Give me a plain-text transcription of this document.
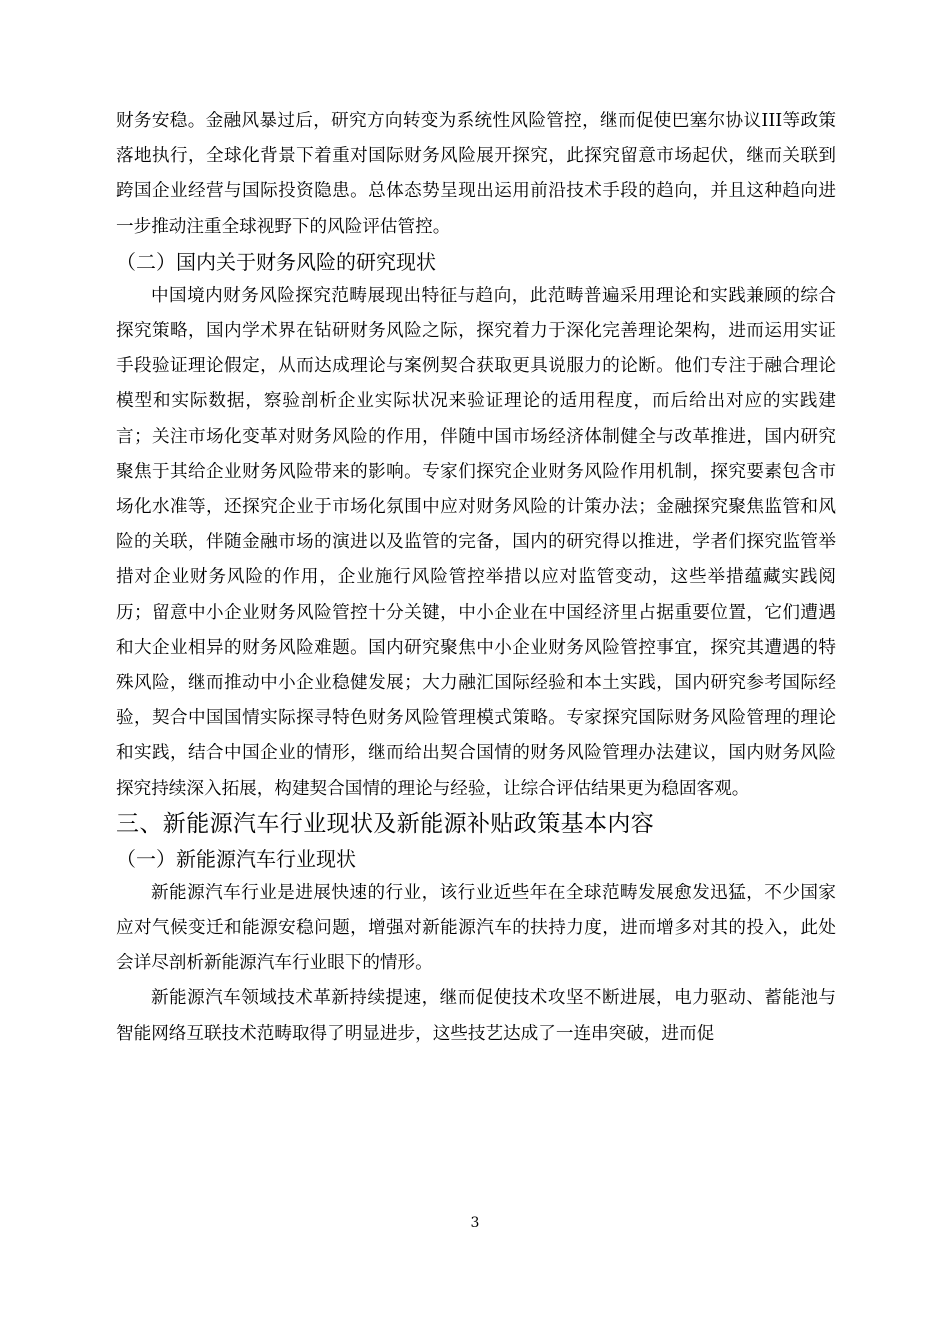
财务安稳。金融风暴过后，研究方向转变为系统性风险管控，继而促使巴塞尔协议III等政策落地执行，全球化背景下着重对国际财务风险展开探究，此探究留意市场起伏，继而关联到跨国企业经营与国际投资隐患。总体态势呈现出运用前沿技术手段的趋向，并且这种趋向进一步推动注重全球视野下的风险评估管控。

（二）国内关于财务风险的研究现状

中国境内财务风险探究范畴展现出特征与趋向，此范畴普遍采用理论和实践兼顾的综合探究策略，国内学术界在钻研财务风险之际，探究着力于深化完善理论架构，进而运用实证手段验证理论假定，从而达成理论与案例契合获取更具说服力的论断。他们专注于融合理论模型和实际数据，察验剖析企业实际状况来验证理论的适用程度，而后给出对应的实践建言；关注市场化变革对财务风险的作用，伴随中国市场经济体制健全与改革推进，国内研究聚焦于其给企业财务风险带来的影响。专家们探究企业财务风险作用机制，探究要素包含市场化水准等，还探究企业于市场化氛围中应对财务风险的计策办法；金融探究聚焦监管和风险的关联，伴随金融市场的演进以及监管的完备，国内的研究得以推进，学者们探究监管举措对企业财务风险的作用，企业施行风险管控举措以应对监管变动，这些举措蕴藏实践阅历；留意中小企业财务风险管控十分关键，中小企业在中国经济里占据重要位置，它们遭遇和大企业相异的财务风险难题。国内研究聚焦中小企业财务风险管控事宜，探究其遭遇的特殊风险，继而推动中小企业稳健发展；大力融汇国际经验和本土实践，国内研究参考国际经验，契合中国国情实际探寻特色财务风险管理模式策略。专家探究国际财务风险管理的理论和实践，结合中国企业的情形，继而给出契合国情的财务风险管理办法建议，国内财务风险探究持续深入拓展，构建契合国情的理论与经验，让综合评估结果更为稳固客观。

三、新能源汽车行业现状及新能源补贴政策基本内容
（一）新能源汽车行业现状

新能源汽车行业是进展快速的行业，该行业近些年在全球范畴发展愈发迅猛，不少国家应对气候变迁和能源安稳问题，增强对新能源汽车的扶持力度，进而增多对其的投入，此处会详尽剖析新能源汽车行业眼下的情形。

新能源汽车领域技术革新持续提速，继而促使技术攻坚不断进展，电力驱动、蓄能池与智能网络互联技术范畴取得了明显进步，这些技艺达成了一连串突破，进而促

3
